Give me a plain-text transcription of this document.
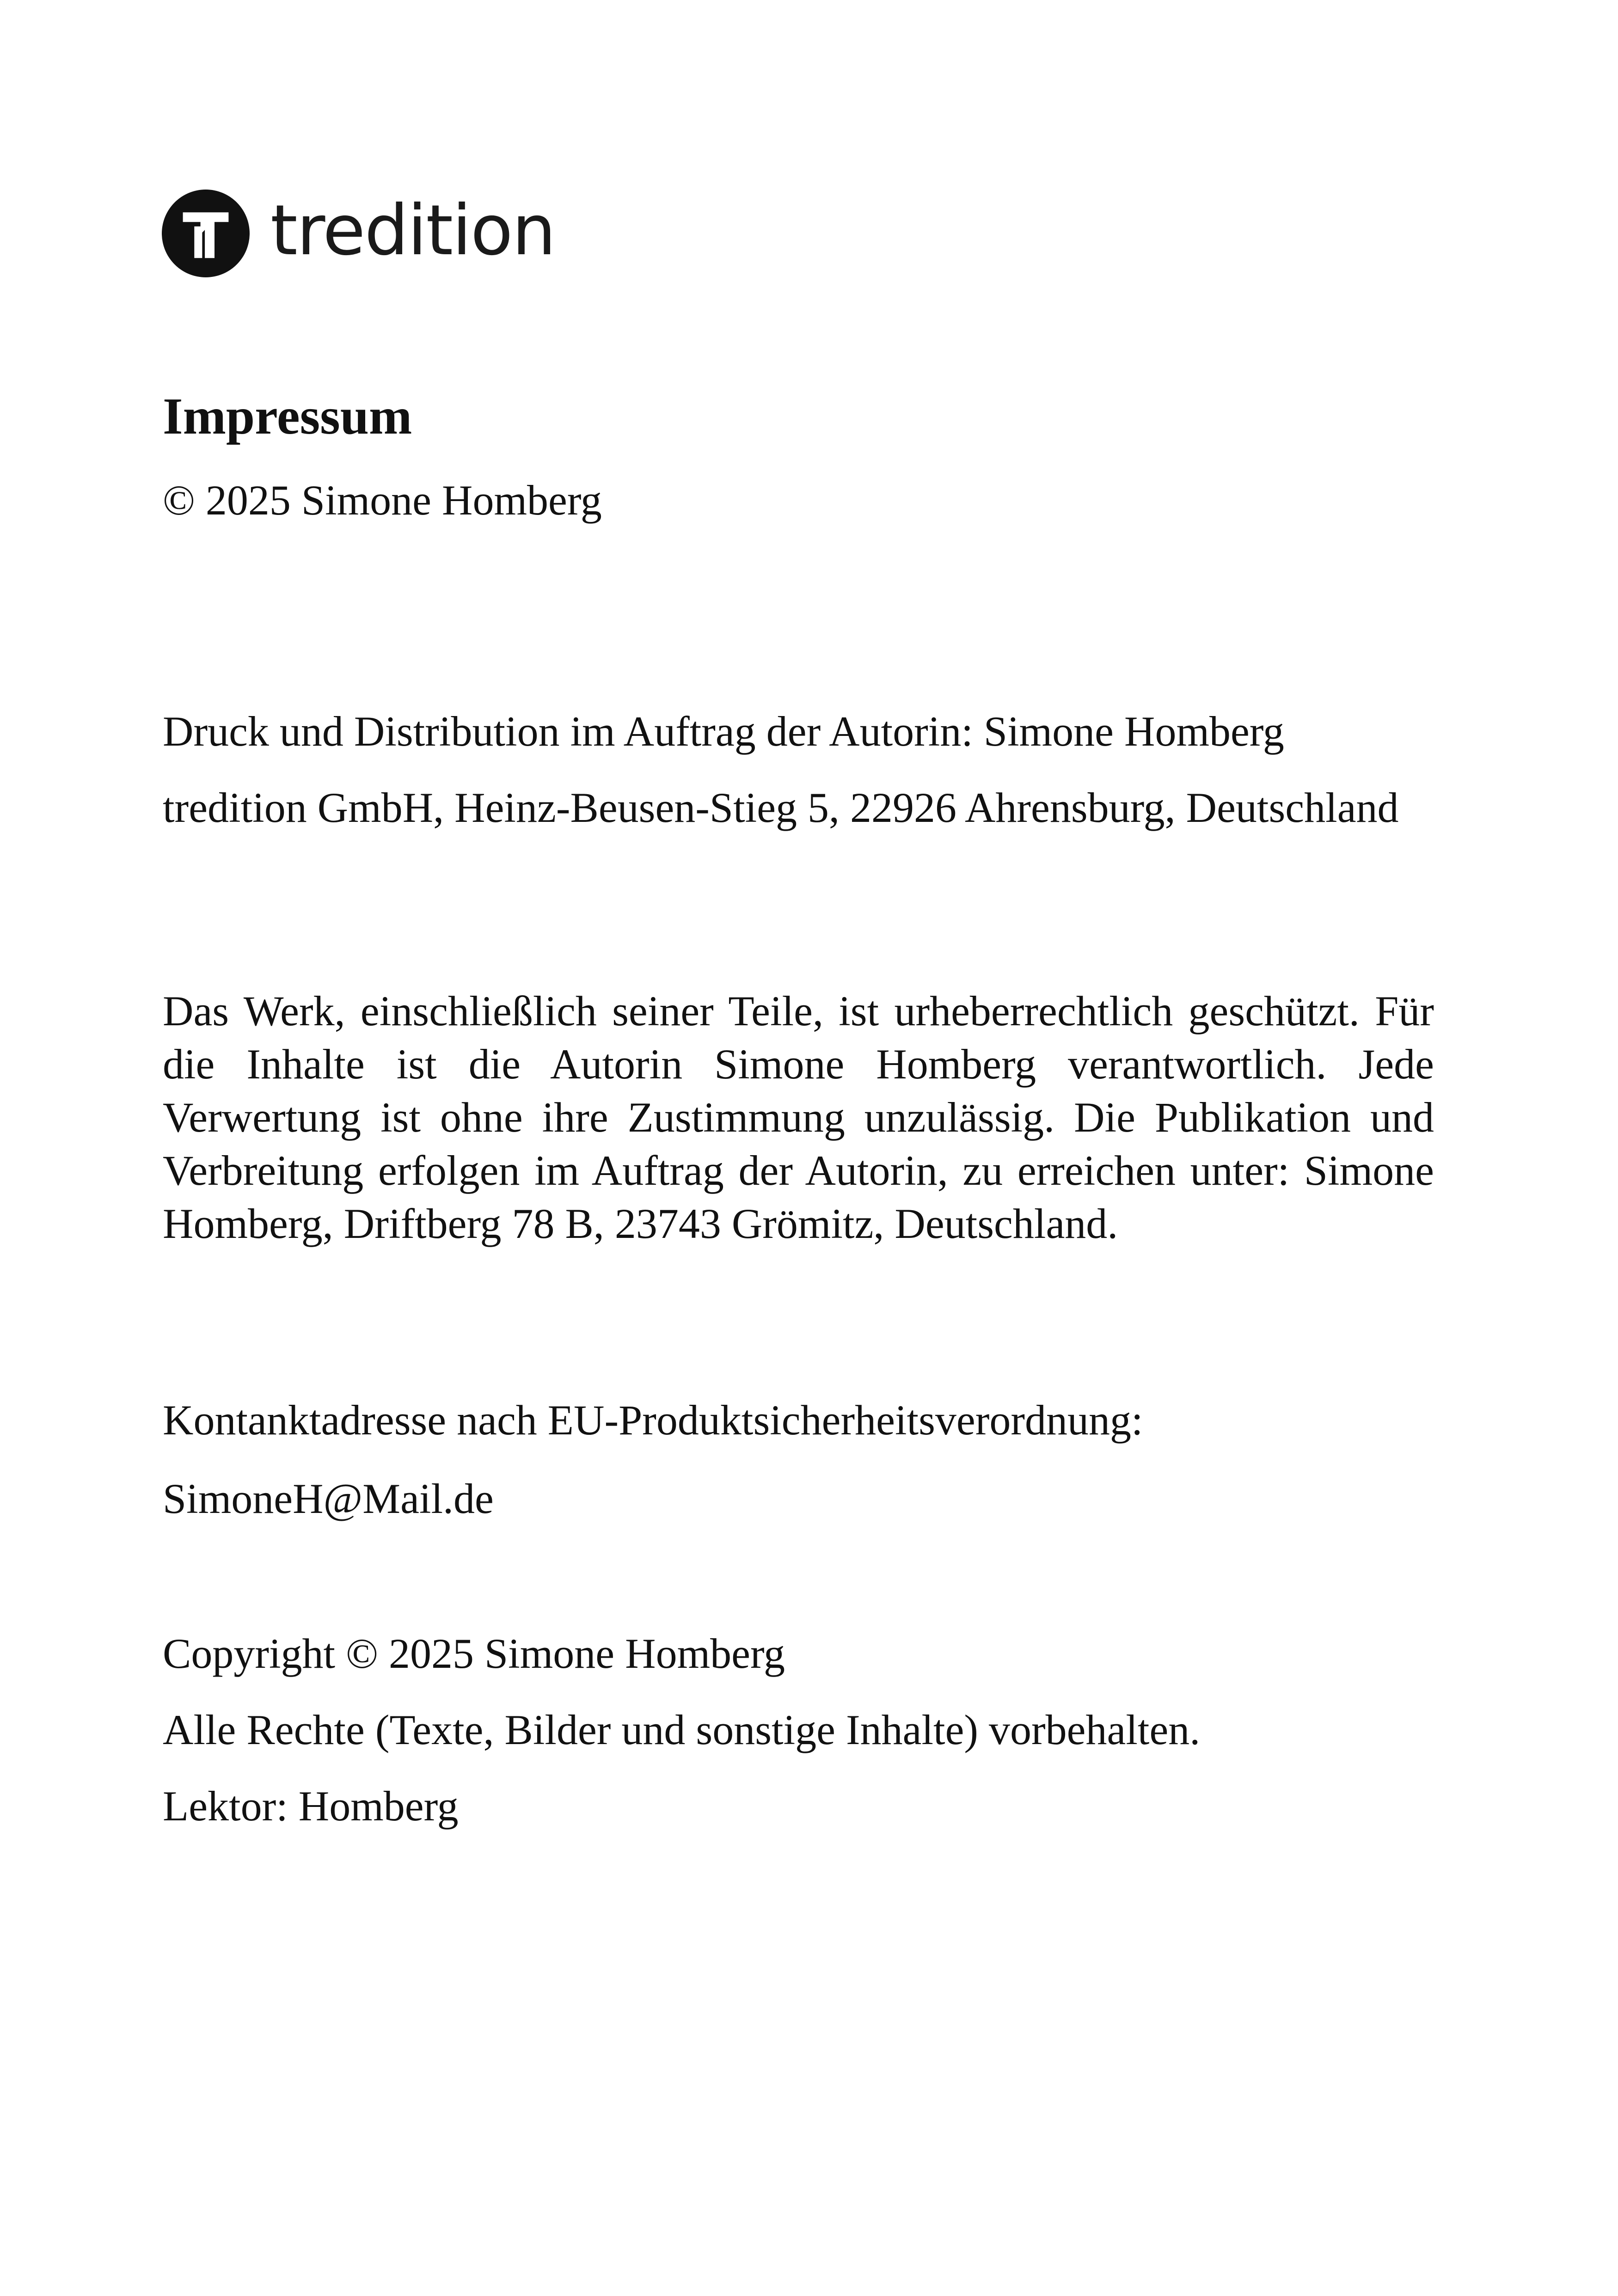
tredition
Impressum

© 2025 Simone Homberg

Druck und Distribution im Auftrag der Autorin: Simone Homberg

tredition GmbH, Heinz-Beusen-Stieg 5, 22926 Ahrensburg, Deutschland

Das Werk, einschließlich seiner Teile, ist urheberrechtlich geschützt. Für die Inhalte ist die Autorin Simone Homberg verantwortlich. Jede Verwertung ist ohne ihre Zustimmung unzulässig. Die Publikation und Verbreitung erfolgen im Auftrag der Autorin, zu erreichen unter: Simone Homberg, Driftberg 78 B, 23743 Grömitz, Deutschland.

Kontanktadresse nach EU-Produktsicherheitsverordnung:

SimoneH@Mail.de

Copyright © 2025 Simone Homberg

Alle Rechte (Texte, Bilder und sonstige Inhalte) vorbehalten.

Lektor: Homberg
